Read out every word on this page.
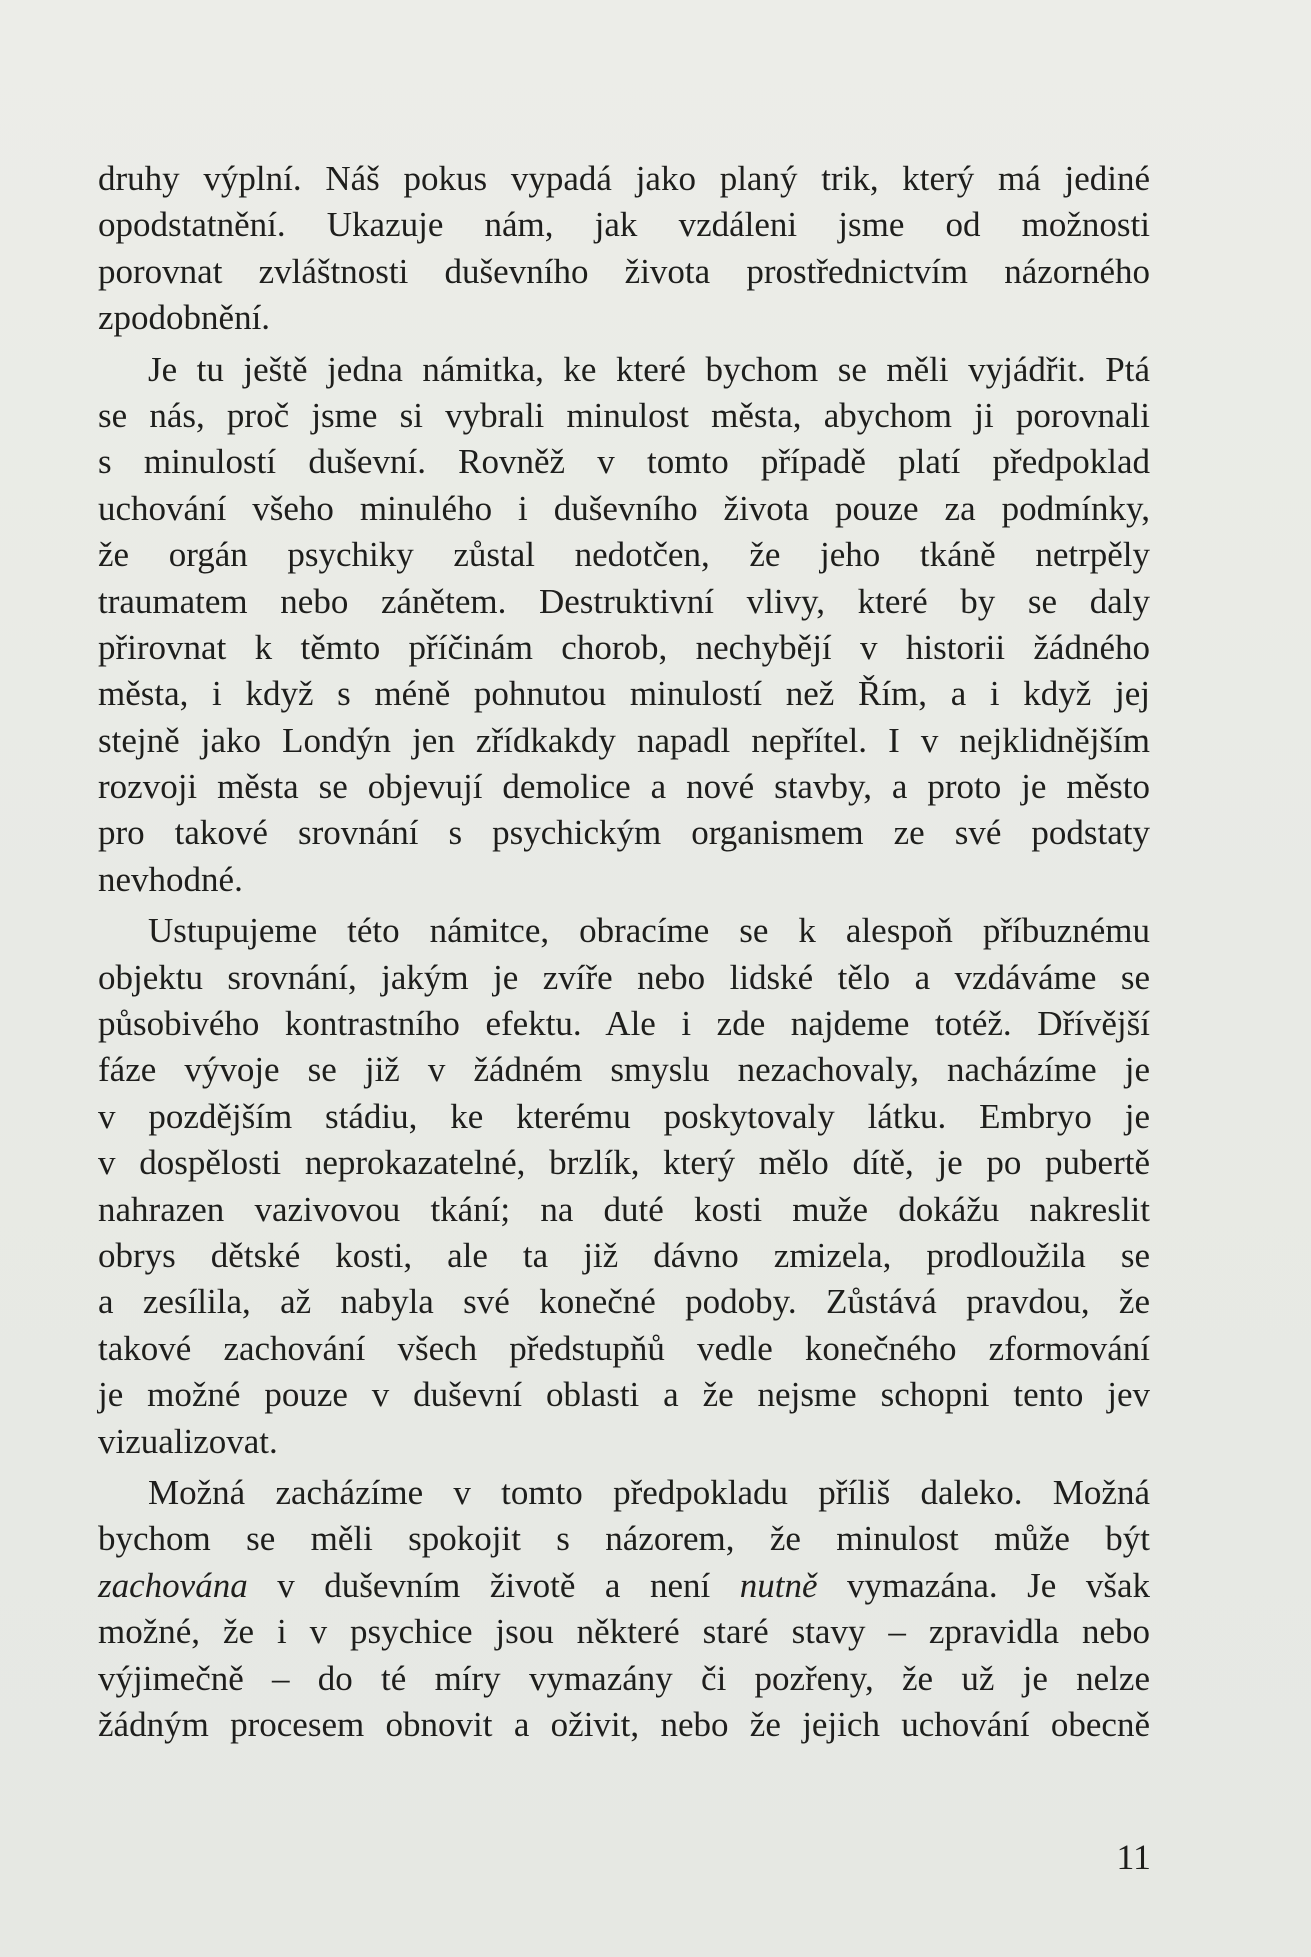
druhy výplní. Náš pokus vypadá jako planý trik, který má jediné
opodstatnění. Ukazuje nám, jak vzdáleni jsme od možnosti
porovnat zvláštnosti duševního života prostřednictvím názorného
zpodobnění.
Je tu ještě jedna námitka, ke které bychom se měli vyjádřit. Ptá
se nás, proč jsme si vybrali minulost města, abychom ji porovnali
s minulostí duševní. Rovněž v tomto případě platí předpoklad
uchování všeho minulého i duševního života pouze za podmínky,
že orgán psychiky zůstal nedotčen, že jeho tkáně netrpěly
traumatem nebo zánětem. Destruktivní vlivy, které by se daly
přirovnat k těmto příčinám chorob, nechybějí v historii žádného
města, i když s méně pohnutou minulostí než Řím, a i když jej
stejně jako Londýn jen zřídkakdy napadl nepřítel. I v nejklidnějším
rozvoji města se objevují demolice a nové stavby, a proto je město
pro takové srovnání s psychickým organismem ze své podstaty
nevhodné.
Ustupujeme této námitce, obracíme se k alespoň příbuznému
objektu srovnání, jakým je zvíře nebo lidské tělo a vzdáváme se
působivého kontrastního efektu. Ale i zde najdeme totéž. Dřívější
fáze vývoje se již v žádném smyslu nezachovaly, nacházíme je
v pozdějším stádiu, ke kterému poskytovaly látku. Embryo je
v dospělosti neprokazatelné, brzlík, který mělo dítě, je po pubertě
nahrazen vazivovou tkání; na duté kosti muže dokážu nakreslit
obrys dětské kosti, ale ta již dávno zmizela, prodloužila se
a zesílila, až nabyla své konečné podoby. Zůstává pravdou, že
takové zachování všech předstupňů vedle konečného zformování
je možné pouze v duševní oblasti a že nejsme schopni tento jev
vizualizovat.
Možná zacházíme v tomto předpokladu příliš daleko. Možná
bychom se měli spokojit s názorem, že minulost může být
zachována v duševním životě a není nutně vymazána. Je však
možné, že i v psychice jsou některé staré stavy – zpravidla nebo
výjimečně – do té míry vymazány či pozřeny, že už je nelze
žádným procesem obnovit a oživit, nebo že jejich uchování obecně
11
